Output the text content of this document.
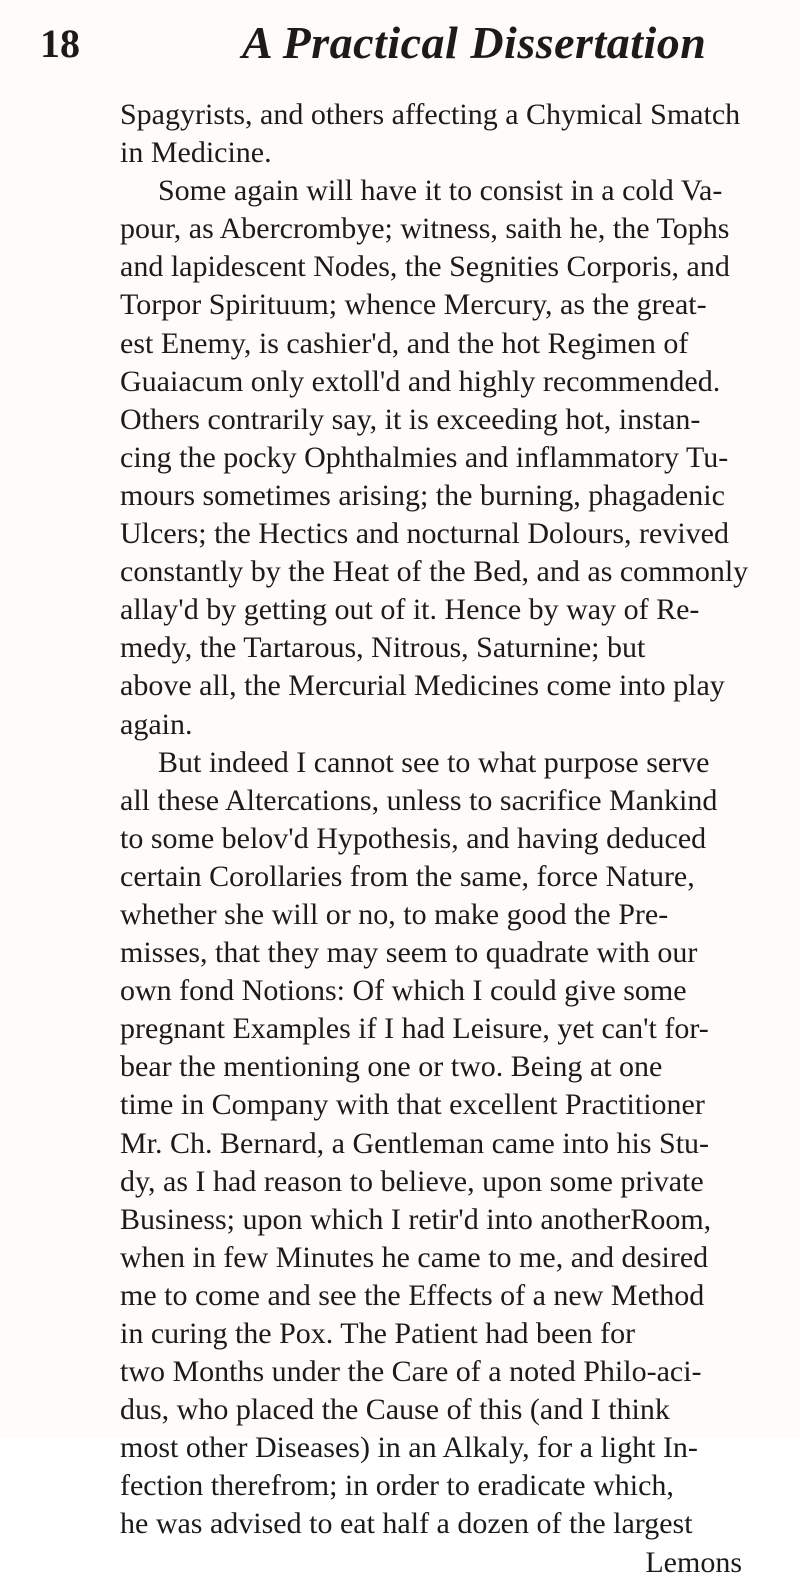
18	A Practical Dissertation
Spagyrists, and others affecting a Chymical Smatch
in Medicine.
Some again will have it to consist in a cold Va-
pour, as Abercrombye; witness, saith he, the Tophs
and lapidescent Nodes, the Segnities Corporis, and
Torpor Spirituum; whence Mercury, as the great-
est Enemy, is cashier'd, and the hot Regimen of
Guaiacum only extoll'd and highly recommended.
Others contrarily say, it is exceeding hot, instan-
cing the pocky Ophthalmies and inflammatory Tu-
mours sometimes arising; the burning, phagadenic
Ulcers; the Hectics and nocturnal Dolours, revived
constantly by the Heat of the Bed, and as commonly
allay'd by getting out of it. Hence by way of Re-
medy, the Tartarous, Nitrous, Saturnine; but
above all, the Mercurial Medicines come into play
again.
But indeed I cannot see to what purpose serve
all these Altercations, unless to sacrifice Mankind
to some belov'd Hypothesis, and having deduced
certain Corollaries from the same, force Nature,
whether she will or no, to make good the Pre-
misses, that they may seem to quadrate with our
own fond Notions: Of which I could give some
pregnant Examples if I had Leisure, yet can't for-
bear the mentioning one or two. Being at one
time in Company with that excellent Practitioner
Mr. Ch. Bernard, a Gentleman came into his Stu-
dy, as I had reason to believe, upon some private
Business; upon which I retir'd into anotherRoom,
when in few Minutes he came to me, and desired
me to come and see the Effects of a new Method
in curing the Pox. The Patient had been for
two Months under the Care of a noted Philo-aci-
dus, who placed the Cause of this (and I think
most other Diseases) in an Alkaly, for a light In-
fection therefrom; in order to eradicate which,
he was advised to eat half a dozen of the largest
Lemons
